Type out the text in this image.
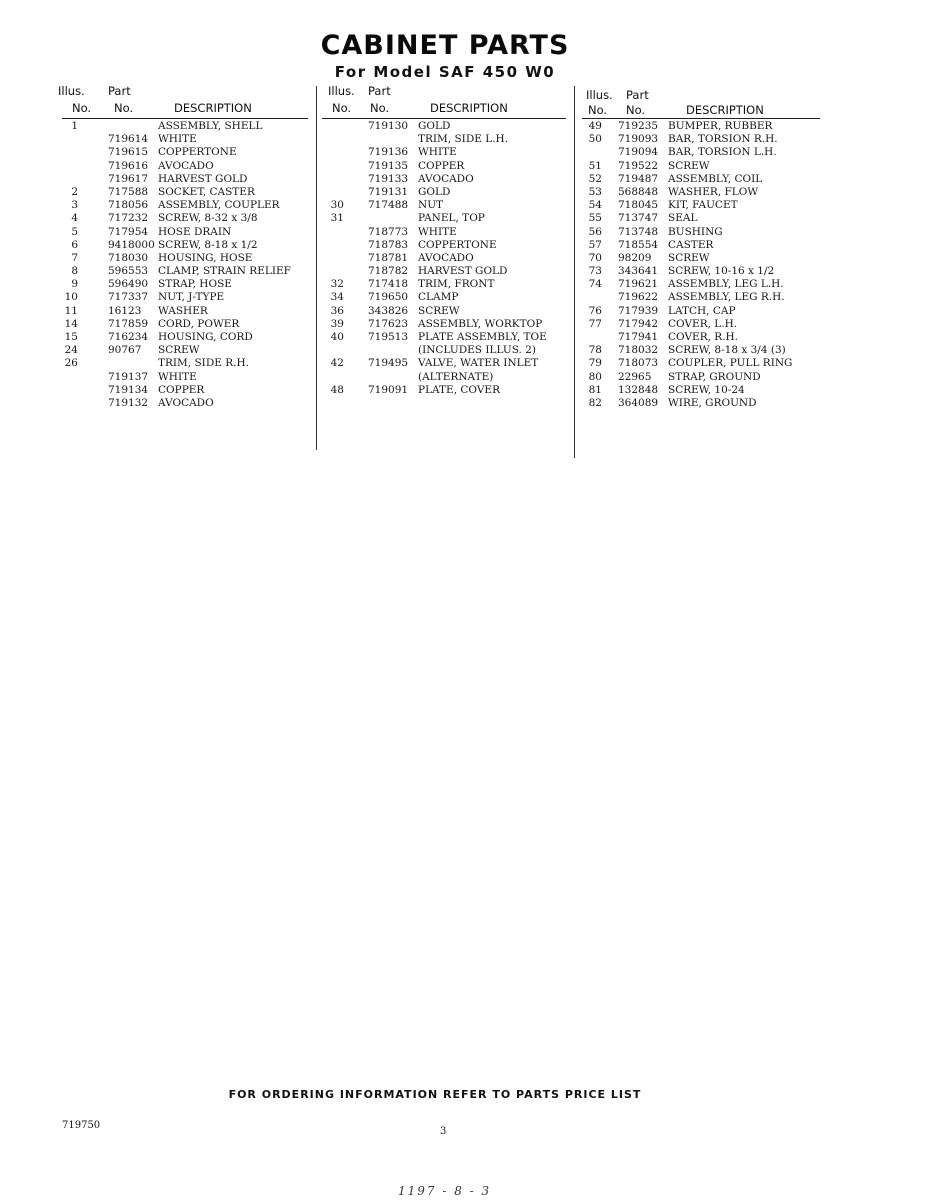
CABINET PARTS
For Model SAF 450 W0
Illus. Part
No. No.	DESCRIPTION
1	ASSEMBLY, SHELL
719614 WHITE
719615 COPPERTONE
719616 AVOCADO
719617 HARVEST GOLD
2	717588 SOCKET, CASTER
3	718056 ASSEMBLY, COUPLER
4	717232 SCREW, 8-32 x 3/8
5	717954 HOSE DRAIN
6	9418000 SCREW, 8-18 x 1/2
7	718030 HOUSING, HOSE
8	596553 CLAMP, STRAIN RELIEF
9	596490 STRAP, HOSE
10	717337 NUT, J-TYPE
11	16123 WASHER
14	717859 CORD, POWER
15	716234 HOUSING, CORD
24	90767 SCREW
26	TRIM, SIDE R.H.
719137 WHITE
719134 COPPER
719132 AVOCADO
Illus. Part
No. No.	DESCRIPTION
719130 GOLD
TRIM, SIDE L.H.
719136 WHITE
719135 COPPER
719133 AVOCADO
719131 GOLD
30 717488 NUT
31	PANEL, TOP
718773 WHITE
718783 COPPERTONE
718781 AVOCADO
718782 HARVEST GOLD
32 717418 TRIM, FRONT
34 719650 CLAMP
36 343826 SCREW
39 717623 ASSEMBLY, WORKTOP
40 719513 PLATE ASSEMBLY, TOE
(INCLUDES ILLUS. 2)
42 719495 VALVE, WATER INLET
(ALTERNATE)
48 719091 PLATE, COVER
Illus. Part
No. No.	DESCRIPTION
49 719235 BUMPER, RUBBER
50 719093 BAR, TORSION R.H.
719094 BAR, TORSION L.H.
51 719522 SCREW
52 719487 ASSEMBLY, COIL
53 568848 WASHER, FLOW
54 718045 KIT, FAUCET
55 713747 SEAL
56 713748 BUSHING
57 718554 CASTER
70 98209 SCREW
73 343641 SCREW, 10-16 x 1/2
74 719621 ASSEMBLY, LEG L.H.
719622 ASSEMBLY, LEG R.H.
76 717939 LATCH, CAP
77 717942 COVER, L.H.
717941 COVER, R.H.
78 718032 SCREW, 8-18 x 3/4 (3)
79 718073 COUPLER, PULL RING
80 22965 STRAP, GROUND
81 132848 SCREW, 10-24
82 364089 WIRE, GROUND
FOR ORDERING INFORMATION REFER TO PARTS PRICE LIST
719750
3
1197 - 8 - 3
